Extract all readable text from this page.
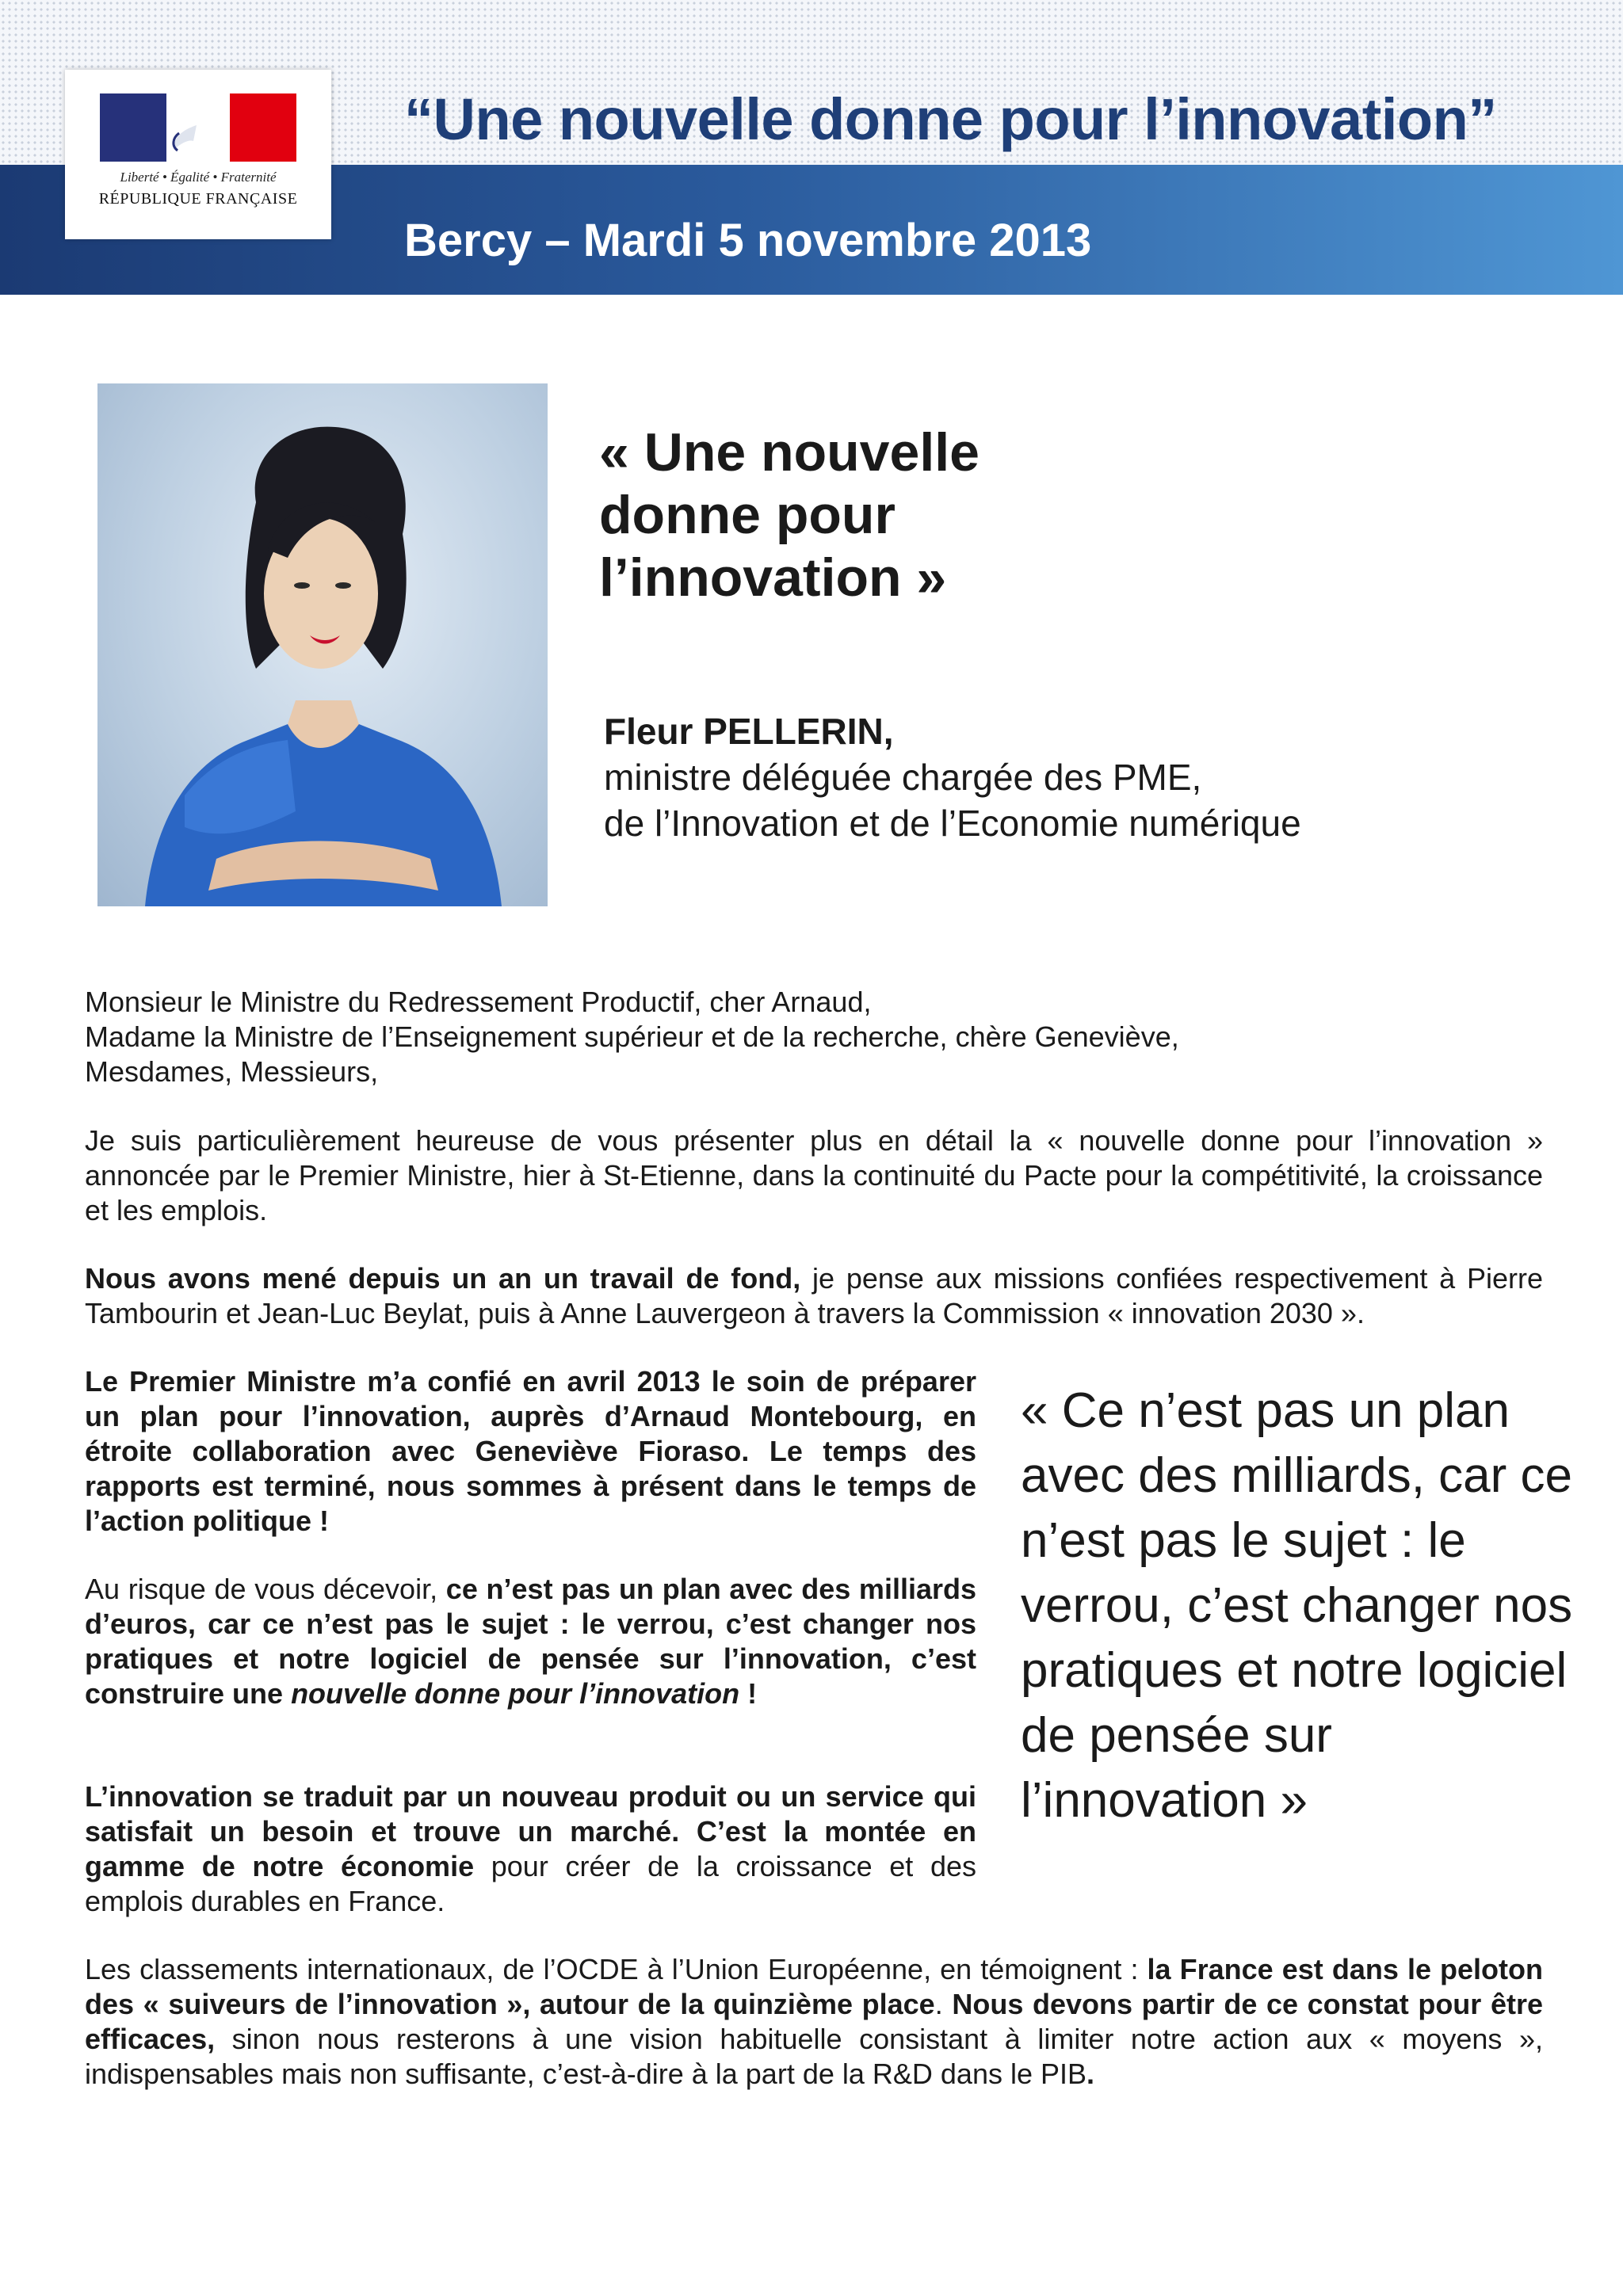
Liberté • Égalité • Fraternité
RÉPUBLIQUE FRANÇAISE
“Une nouvelle donne pour l’innovation”
Bercy – Mardi 5 novembre 2013
« Une nouvelle
donne pour
l’innovation »
Fleur PELLERIN,
ministre déléguée chargée des PME,
de l’Innovation et de l’Economie numérique
Monsieur le Ministre du Redressement Productif, cher Arnaud,
Madame la Ministre de l’Enseignement supérieur et de la recherche, chère Geneviève,
Mesdames, Messieurs,
Je suis particulièrement heureuse de vous présenter plus en détail la « nouvelle donne pour l’innovation » annoncée par le Premier Ministre, hier à St-Etienne, dans la continuité du Pacte pour la compétitivité, la croissance et les emplois.
Nous avons mené depuis un an un travail de fond, je pense aux missions confiées respectivement à Pierre Tambourin et Jean-Luc Beylat, puis à Anne Lauvergeon à travers la Commission « innovation 2030 ».
Le Premier Ministre m’a confié en avril 2013 le soin de préparer un plan pour l’innovation, auprès d’Arnaud Montebourg, en étroite collaboration avec Geneviève Fioraso. Le temps des rapports est terminé, nous sommes à présent dans le temps de l’action politique !
Au risque de vous décevoir, ce n’est pas un plan avec des milliards d’euros, car ce n’est pas le sujet : le verrou, c’est changer nos pratiques et notre logiciel de pensée sur l’innovation, c’est construire une nouvelle donne pour l’innovation !
L’innovation se traduit par un nouveau produit ou un service qui satisfait un besoin et trouve un marché. C’est la montée en gamme de notre économie pour créer de la croissance et des emplois durables en France.
« Ce n’est pas un plan avec des milliards, car ce n’est pas le sujet : le verrou, c’est changer nos pratiques et notre logiciel de pensée sur l’innovation »
Les classements internationaux, de l’OCDE à l’Union Européenne, en témoignent : la France est dans le peloton des « suiveurs de l’innovation », autour de la quinzième place. Nous devons partir de ce constat pour être efficaces, sinon nous resterons à une vision habituelle consistant à limiter notre action aux « moyens », indispensables mais non suffisante, c’est-à-dire à la part de la R&D dans le PIB.
